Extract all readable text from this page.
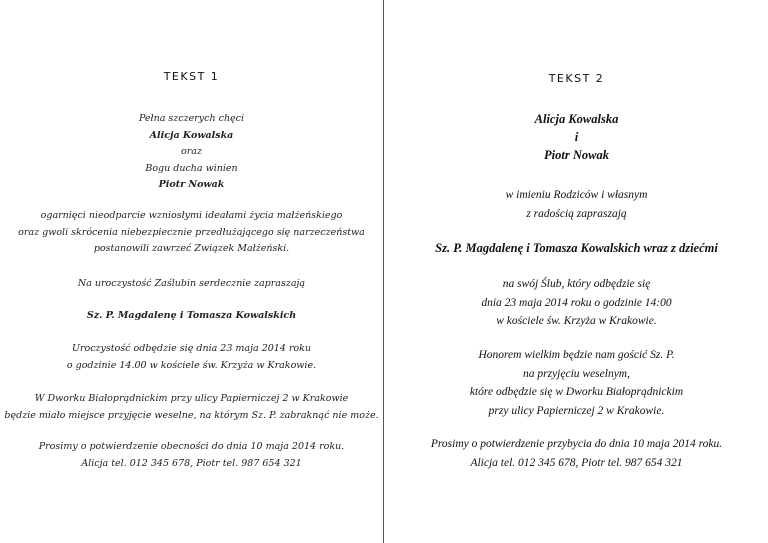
TEKST 1
Pełna szczerych chęci
Alicja Kowalska
oraz
Bogu ducha winien
Piotr Nowak
ogarnięci nieodparcie wzniosłymi ideałami życia małżeńskiego
oraz gwoli skrócenia niebezpiecznie przedłużającego się narzeczeństwa
postanowili zawrzeć Związek Małżeński.
Na uroczystość Zaślubin serdecznie zapraszają
Sz. P. Magdalenę i Tomasza Kowalskich
Uroczystość odbędzie się dnia 23 maja 2014 roku
o godzinie 14.00 w kościele św. Krzyża w Krakowie.
W Dworku Białoprądnickim przy ulicy Papierniczej 2 w Krakowie
będzie miało miejsce przyjęcie weselne, na którym Sz. P. zabraknąć nie może.
Prosimy o potwierdzenie obecności do dnia 10 maja 2014 roku.
Alicja tel. 012 345 678, Piotr tel. 987 654 321
TEKST 2
Alicja Kowalska
i
Piotr Nowak
w imieniu Rodziców i własnym
z radością zapraszają
Sz. P. Magdalenę i Tomasza Kowalskich wraz z dziećmi
na swój Ślub, który odbędzie się
dnia 23 maja 2014 roku o godzinie 14:00
w kościele św. Krzyża w Krakowie.
Honorem wielkim będzie nam gościć Sz. P.
na przyjęciu weselnym,
które odbędzie się w Dworku Białoprądnickim
przy ulicy Papierniczej 2 w Krakowie.
Prosimy o potwierdzenie przybycia do dnia 10 maja 2014 roku.
Alicja tel. 012 345 678, Piotr tel. 987 654 321
